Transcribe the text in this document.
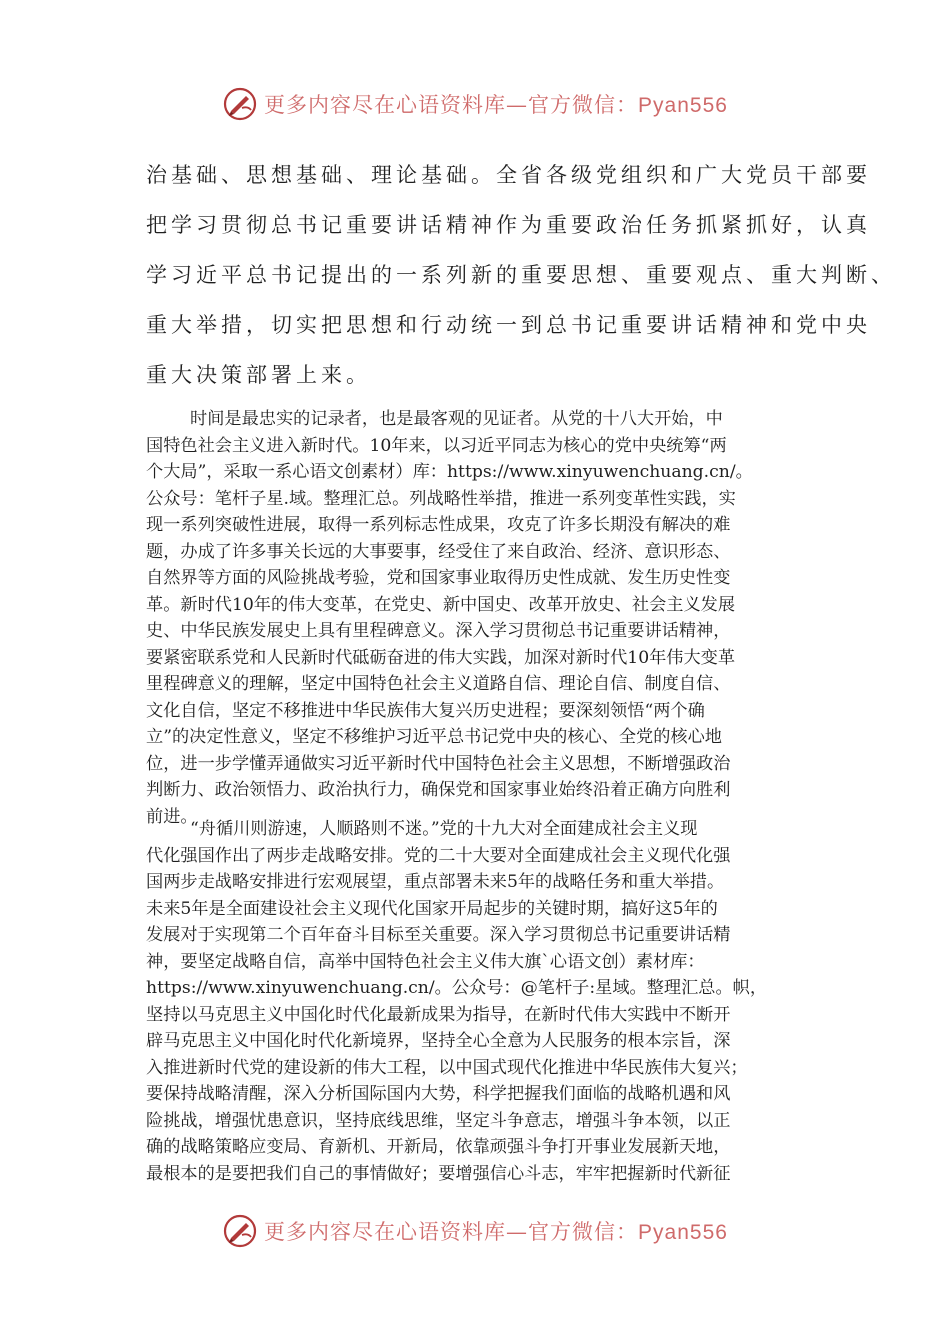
更多内容尽在心语资料库—官方微信：Pyan556
治基础、思想基础、理论基础。全省各级党组织和广大党员干部要
把学习贯彻总书记重要讲话精神作为重要政治任务抓紧抓好，认真
学习近平总书记提出的一系列新的重要思想、重要观点、重大判断、
重大举措，切实把思想和行动统一到总书记重要讲话精神和党中央
重大决策部署上来。
时间是最忠实的记录者，也是最客观的见证者。从党的十八大开始，中
国特色社会主义进入新时代。10年来，以习近平同志为核心的党中央统筹“两
个大局”，采取一系心语文创素材）库：https://www.xinyuwenchuang.cn/。
公众号：笔杆子星.域。整理汇总。列战略性举措，推进一系列变革性实践，实
现一系列突破性进展，取得一系列标志性成果，攻克了许多长期没有解决的难
题，办成了许多事关长远的大事要事，经受住了来自政治、经济、意识形态、
自然界等方面的风险挑战考验，党和国家事业取得历史性成就、发生历史性变
革。新时代10年的伟大变革，在党史、新中国史、改革开放史、社会主义发展
史、中华民族发展史上具有里程碑意义。深入学习贯彻总书记重要讲话精神，
要紧密联系党和人民新时代砥砺奋进的伟大实践，加深对新时代10年伟大变革
里程碑意义的理解，坚定中国特色社会主义道路自信、理论自信、制度自信、
文化自信，坚定不移推进中华民族伟大复兴历史进程；要深刻领悟“两个确
立”的决定性意义，坚定不移维护习近平总书记党中央的核心、全党的核心地
位，进一步学懂弄通做实习近平新时代中国特色社会主义思想，不断增强政治
判断力、政治领悟力、政治执行力，确保党和国家事业始终沿着正确方向胜利
前进。
“舟循川则游速，人顺路则不迷。”党的十九大对全面建成社会主义现
代化强国作出了两步走战略安排。党的二十大要对全面建成社会主义现代化强
国两步走战略安排进行宏观展望，重点部署未来5年的战略任务和重大举措。
未来5年是全面建设社会主义现代化国家开局起步的关键时期，搞好这5年的
发展对于实现第二个百年奋斗目标至关重要。深入学习贯彻总书记重要讲话精
神，要坚定战略自信，高举中国特色社会主义伟大旗`心语文创）素材库：
https://www.xinyuwenchuang.cn/。公众号：@笔杆子:星域。整理汇总。帜，
坚持以马克思主义中国化时代化最新成果为指导，在新时代伟大实践中不断开
辟马克思主义中国化时代化新境界，坚持全心全意为人民服务的根本宗旨，深
入推进新时代党的建设新的伟大工程，以中国式现代化推进中华民族伟大复兴；
要保持战略清醒，深入分析国际国内大势，科学把握我们面临的战略机遇和风
险挑战，增强忧患意识，坚持底线思维，坚定斗争意志，增强斗争本领，以正
确的战略策略应变局、育新机、开新局，依靠顽强斗争打开事业发展新天地，
最根本的是要把我们自己的事情做好；要增强信心斗志，牢牢把握新时代新征
更多内容尽在心语资料库—官方微信：Pyan556
